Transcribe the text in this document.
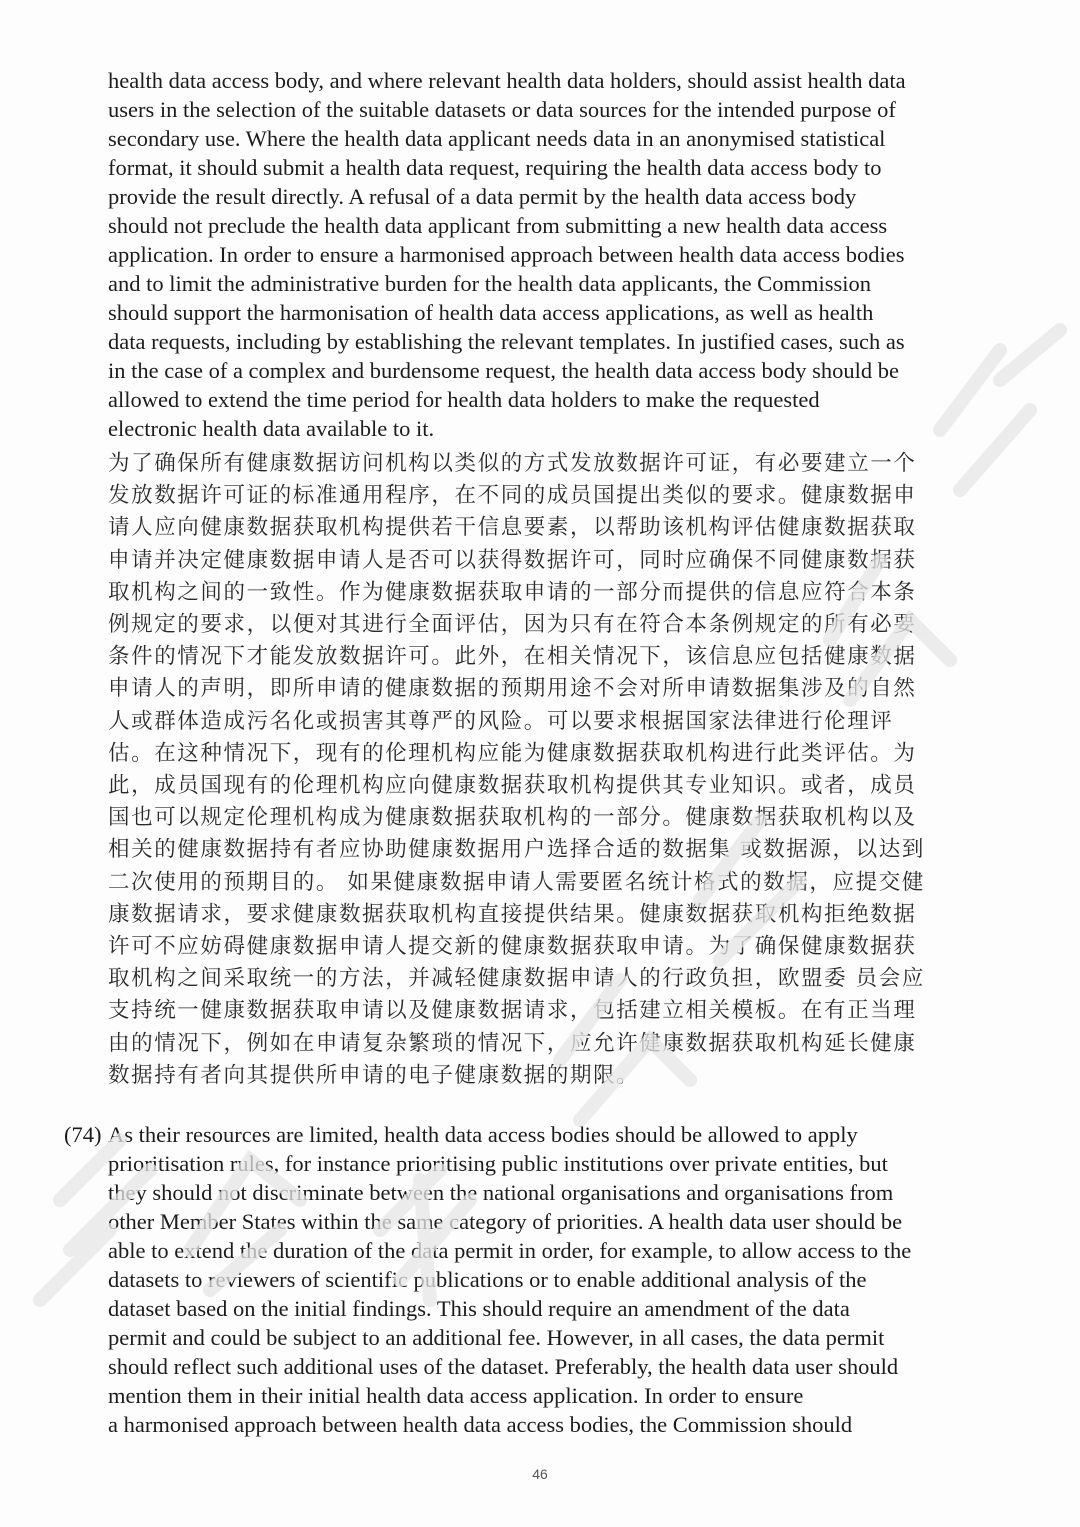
health data access body, and where relevant health data holders, should assist health data
users in the selection of the suitable datasets or data sources for the intended purpose of
secondary use. Where the health data applicant needs data in an anonymised statistical
format, it should submit a health data request, requiring the health data access body to
provide the result directly. A refusal of a data permit by the health data access body
should not preclude the health data applicant from submitting a new health data access
application. In order to ensure a harmonised approach between health data access bodies
and to limit the administrative burden for the health data applicants, the Commission
should support the harmonisation of health data access applications, as well as health
data requests, including by establishing the relevant templates. In justified cases, such as
in the case of a complex and burdensome request, the health data access body should be
allowed to extend the time period for health data holders to make the requested
electronic health data available to it.
为了确保所有健康数据访问机构以类似的方式发放数据许可证，有必要建立一个
发放数据许可证的标准通用程序，在不同的成员国提出类似的要求。健康数据申
请人应向健康数据获取机构提供若干信息要素，以帮助该机构评估健康数据获取
申请并决定健康数据申请人是否可以获得数据许可，同时应确保不同健康数据获
取机构之间的一致性。作为健康数据获取申请的一部分而提供的信息应符合本条
例规定的要求，以便对其进行全面评估，因为只有在符合本条例规定的所有必要
条件的情况下才能发放数据许可。此外，在相关情况下，该信息应包括健康数据
申请人的声明，即所申请的健康数据的预期用途不会对所申请数据集涉及的自然
人或群体造成污名化或损害其尊严的风险。可以要求根据国家法律进行伦理评
估。在这种情况下，现有的伦理机构应能为健康数据获取机构进行此类评估。为
此，成员国现有的伦理机构应向健康数据获取机构提供其专业知识。或者，成员
国也可以规定伦理机构成为健康数据获取机构的一部分。健康数据获取机构以及
相关的健康数据持有者应协助健康数据用户选择合适的数据集 或数据源，以达到
二次使用的预期目的。 如果健康数据申请人需要匿名统计格式的数据，应提交健
康数据请求，要求健康数据获取机构直接提供结果。健康数据获取机构拒绝数据
许可不应妨碍健康数据申请人提交新的健康数据获取申请。为了确保健康数据获
取机构之间采取统一的方法，并减轻健康数据申请人的行政负担，欧盟委 员会应
支持统一健康数据获取申请以及健康数据请求，包括建立相关模板。在有正当理
由的情况下，例如在申请复杂繁琐的情况下，应允许健康数据获取机构延长健康
数据持有者向其提供所申请的电子健康数据的期限。
(74) As their resources are limited, health data access bodies should be allowed to apply
prioritisation rules, for instance prioritising public institutions over private entities, but
they should not discriminate between the national organisations and organisations from
other Member States within the same category of priorities. A health data user should be
able to extend the duration of the data permit in order, for example, to allow access to the
datasets to reviewers of scientific publications or to enable additional analysis of the
dataset based on the initial findings. This should require an amendment of the data
permit and could be subject to an additional fee. However, in all cases, the data permit
should reflect such additional uses of the dataset. Preferably, the health data user should
mention them in their initial health data access application. In order to ensure
a harmonised approach between health data access bodies, the Commission should
46
